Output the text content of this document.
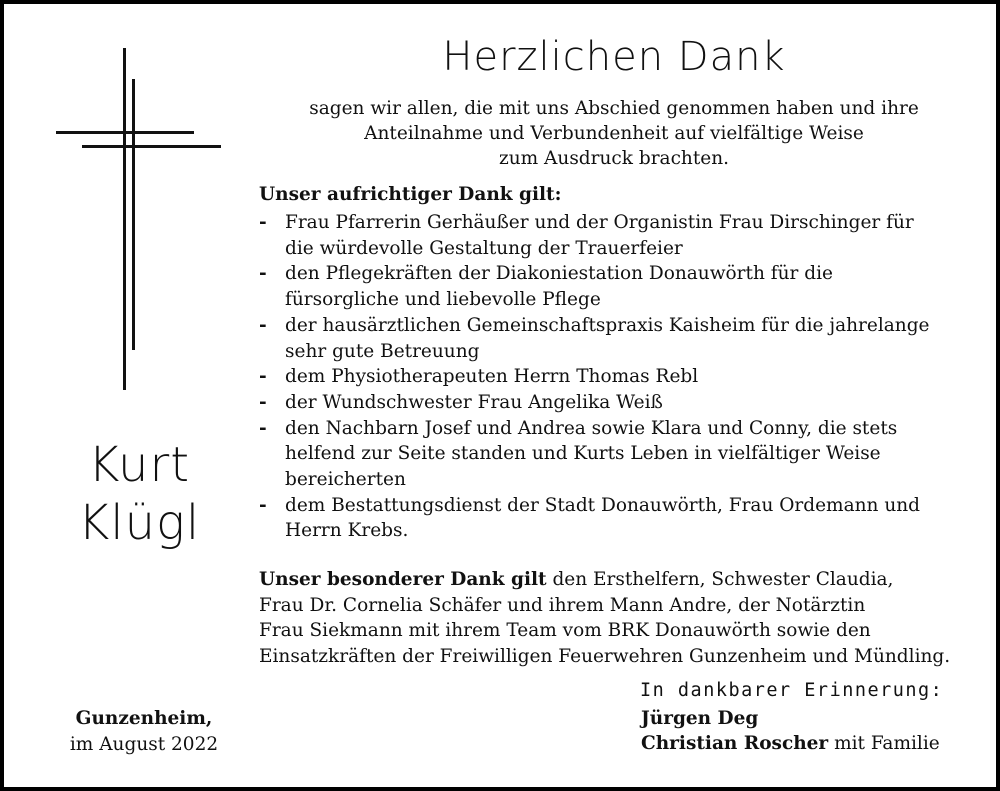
Herzlichen Dank
sagen wir allen, die mit uns Abschied genommen haben und ihre
Anteilnahme und Verbundenheit auf vielfältige Weise
zum Ausdruck brachten.
Unser aufrichtiger Dank gilt:
- Frau Pfarrerin Gerhäußer und der Organistin Frau Dirschinger für
die würdevolle Gestaltung der Trauerfeier
- den Pflegekräften der Diakoniestation Donauwörth für die
fürsorgliche und liebevolle Pflege
- der hausärztlichen Gemeinschaftspraxis Kaisheim für die jahrelange
sehr gute Betreuung
- dem Physiotherapeuten Herrn Thomas Rebl
- der Wundschwester Frau Angelika Weiß
- den Nachbarn Josef und Andrea sowie Klara und Conny, die stets
helfend zur Seite standen und Kurts Leben in vielfältiger Weise
bereicherten
- dem Bestattungsdienst der Stadt Donauwörth, Frau Ordemann und
Herrn Krebs.
Unser besonderer Dank gilt den Ersthelfern, Schwester Claudia,
Frau Dr. Cornelia Schäfer und ihrem Mann Andre, der Notärztin
Frau Siekmann mit ihrem Team vom BRK Donauwörth sowie den
Einsatzkräften der Freiwilligen Feuerwehren Gunzenheim und Mündling.
Kurt
Klügl
Gunzenheim,
im August 2022
In dankbarer Erinnerung:
Jürgen Deg
Christian Roscher mit Familie
